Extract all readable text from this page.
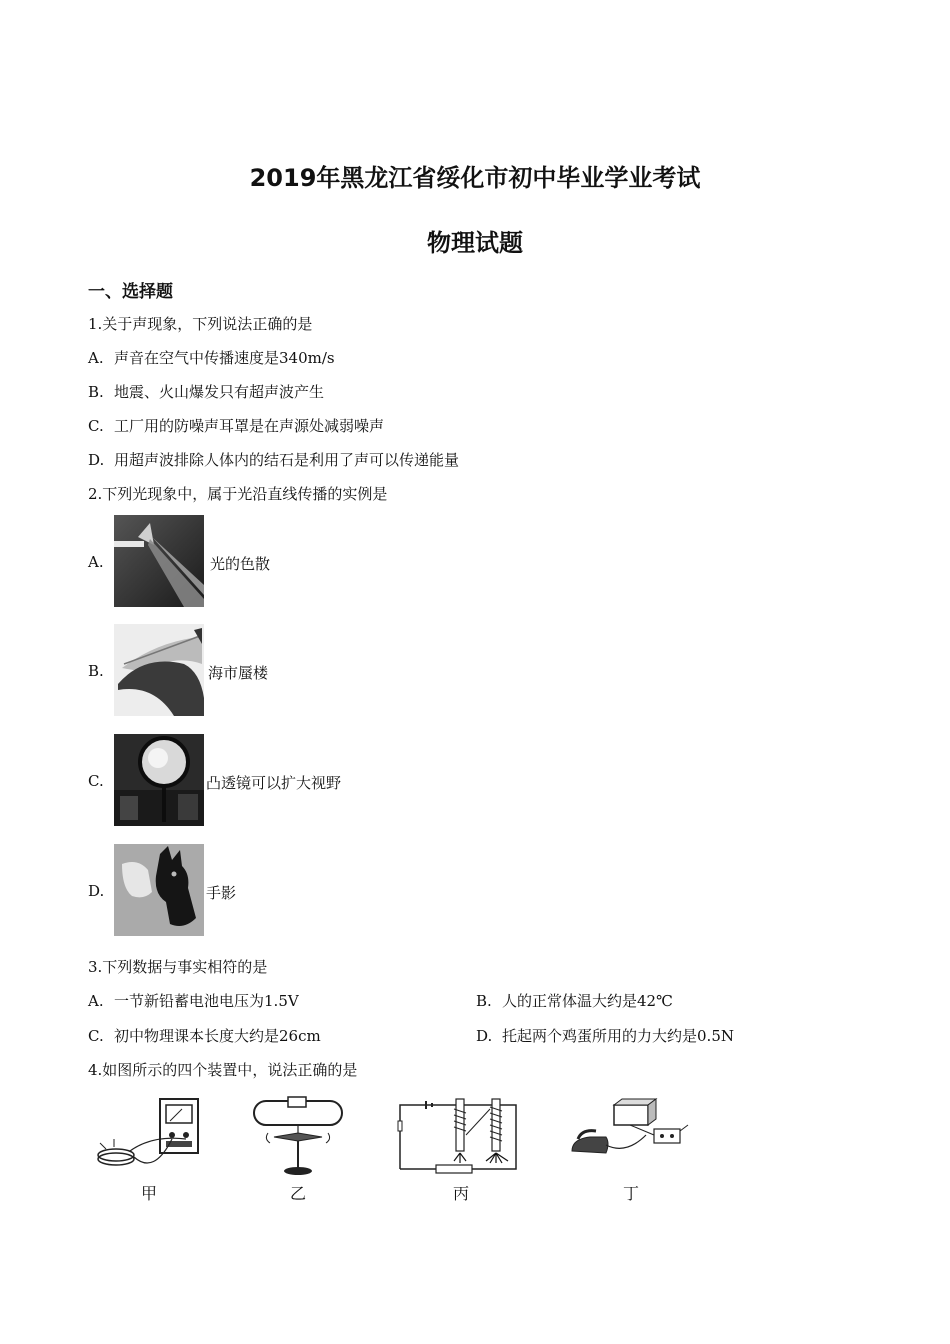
2019年黑龙江省绥化市初中毕业学业考试
物理试题
一、选择题
1.关于声现象，下列说法正确的是
A. 声音在空气中传播速度是340m/s
B. 地震、火山爆发只有超声波产生
C. 工厂用的防噪声耳罩是在声源处减弱噪声
D. 用超声波排除人体内的结石是利用了声可以传递能量
2.下列光现象中，属于光沿直线传播的实例是
A.	光的色散
B.	海市蜃楼
C.	凸透镜可以扩大视野
D.	手影
3.下列数据与事实相符的是
A. 一节新铅蓄电池电压为1.5V	B. 人的正常体温大约是42℃
C. 初中物理课本长度大约是26cm	D. 托起两个鸡蛋所用的力大约是0.5N
4.如图所示的四个装置中，说法正确的是
甲	乙	丙	丁
